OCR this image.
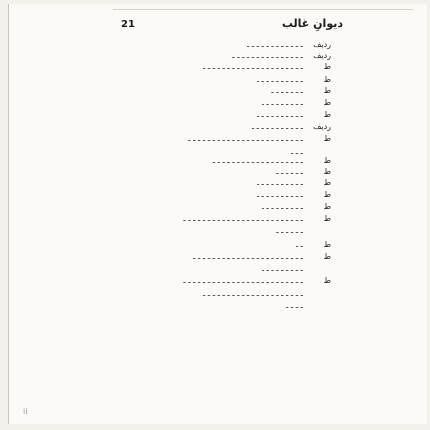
21	دیوانِ غالب
ردیف
ـ ـ ـ ـ ـ ـ ـ ـ ـ ـ ـ ـ
ردیف
ـ ـ ـ ـ ـ ـ ـ ـ ـ ـ ـ ـ ـ ـ ـ
ط
ـ ـ ـ ـ ـ ـ ـ ـ ـ ـ ـ ـ ـ ـ ـ ـ ـ ـ ـ ـ ـ
ط
ـ ـ ـ ـ ـ ـ ـ ـ ـ ـ
ط
ـ ـ ـ ـ ـ ـ ـ
ط
ـ ـ ـ ـ ـ ـ ـ ـ ـ
ط
ـ ـ ـ ـ ـ ـ ـ ـ ـ ـ
ردیف
ـ ـ ـ ـ ـ ـ ـ ـ ـ ـ ـ
ط
ـ ـ ـ ـ ـ ـ ـ ـ ـ ـ ـ ـ ـ ـ ـ ـ ـ ـ ـ ـ ـ ـ ـ ـ
ـ ـ ـ
ط
ـ ـ ـ ـ ـ ـ ـ ـ ـ ـ ـ ـ ـ ـ ـ ـ ـ ـ ـ
ط
ـ ـ ـ ـ ـ ـ
ط
ـ ـ ـ ـ ـ ـ ـ ـ ـ ـ
ط
ـ ـ ـ ـ ـ ـ ـ ـ ـ ـ
ط
ـ ـ ـ ـ ـ ـ ـ ـ ـ
ط
ـ ـ ـ ـ ـ ـ ـ ـ ـ ـ ـ ـ ـ ـ ـ ـ ـ ـ ـ ـ ـ ـ ـ ـ ـ
ـ ـ ـ ـ ـ ـ
ط
ـ ـ
ط
ـ ـ ـ ـ ـ ـ ـ ـ ـ ـ ـ ـ ـ ـ ـ ـ ـ ـ ـ ـ ـ ـ ـ
ـ ـ ـ ـ ـ ـ ـ ـ ـ
ط
ـ ـ ـ ـ ـ ـ ـ ـ ـ ـ ـ ـ ـ ـ ـ ـ ـ ـ ـ ـ ـ ـ ـ ـ ـ
ـ ـ ـ ـ ـ ـ ـ ـ ـ ـ ـ ـ ـ ـ ـ ـ ـ ـ ـ ـ ـ
ـ ـ ـ ـ
ii
